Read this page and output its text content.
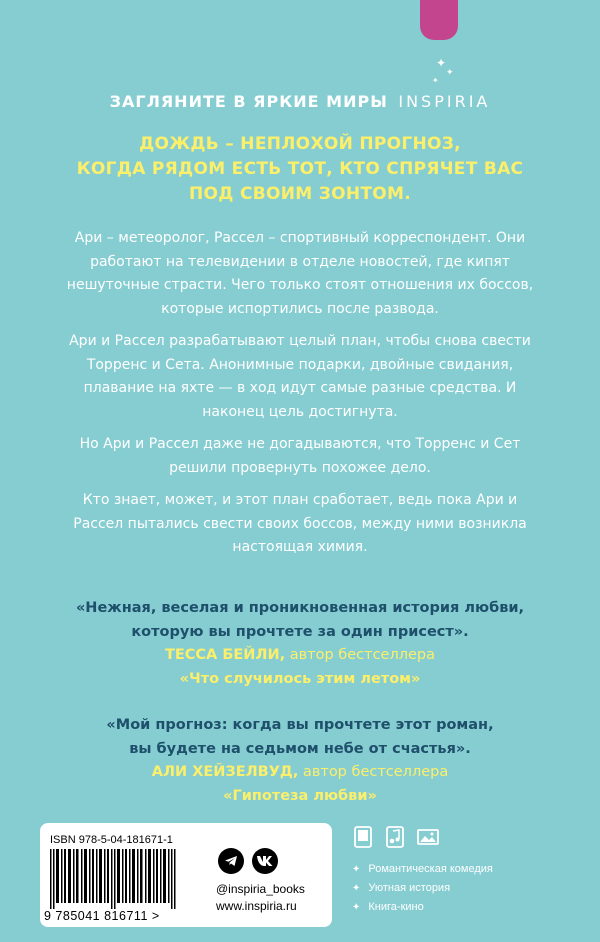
✦
✦
✦
ЗАГЛЯНИТЕ В ЯРКИЕ МИРЫ INSPIRIA
ДОЖДЬ – НЕПЛОХОЙ ПРОГНОЗ,
КОГДА РЯДОМ ЕСТЬ ТОТ, КТО СПРЯЧЕТ ВАС
ПОД СВОИМ ЗОНТОМ.

Ари – метеоролог, Рассел – спортивный корреспондент. Они работают на телевидении в отделе новостей, где кипят нешуточные страсти. Чего только стоят отношения их боссов, которые испортились после развода.

Ари и Рассел разрабатывают целый план, чтобы снова свести Торренс и Сета. Анонимные подарки, двойные свидания, плавание на яхте — в ход идут самые разные средства. И наконец цель достигнута.

Но Ари и Рассел даже не догадываются, что Торренс и Сет решили провернуть похожее дело.

Кто знает, может, и этот план сработает, ведь пока Ари и Рассел пытались свести своих боссов, между ними возникла настоящая химия.

«Нежная, веселая и проникновенная история любви,
которую вы прочтете за один присест».
ТЕССА БЕЙЛИ, автор бестселлера
«Что случилось этим летом»
«Мой прогноз: когда вы прочтете этот роман,
вы будете на седьмом небе от счастья».
АЛИ ХЕЙЗЕЛВУД, автор бестселлера
«Гипотеза любви»
ISBN 978-5-04-181671-1
9 785041 816711 >
@inspiria_books
www.inspiria.ru
✦ Романтическая комедия
✦ Уютная история
✦ Книга-кино
